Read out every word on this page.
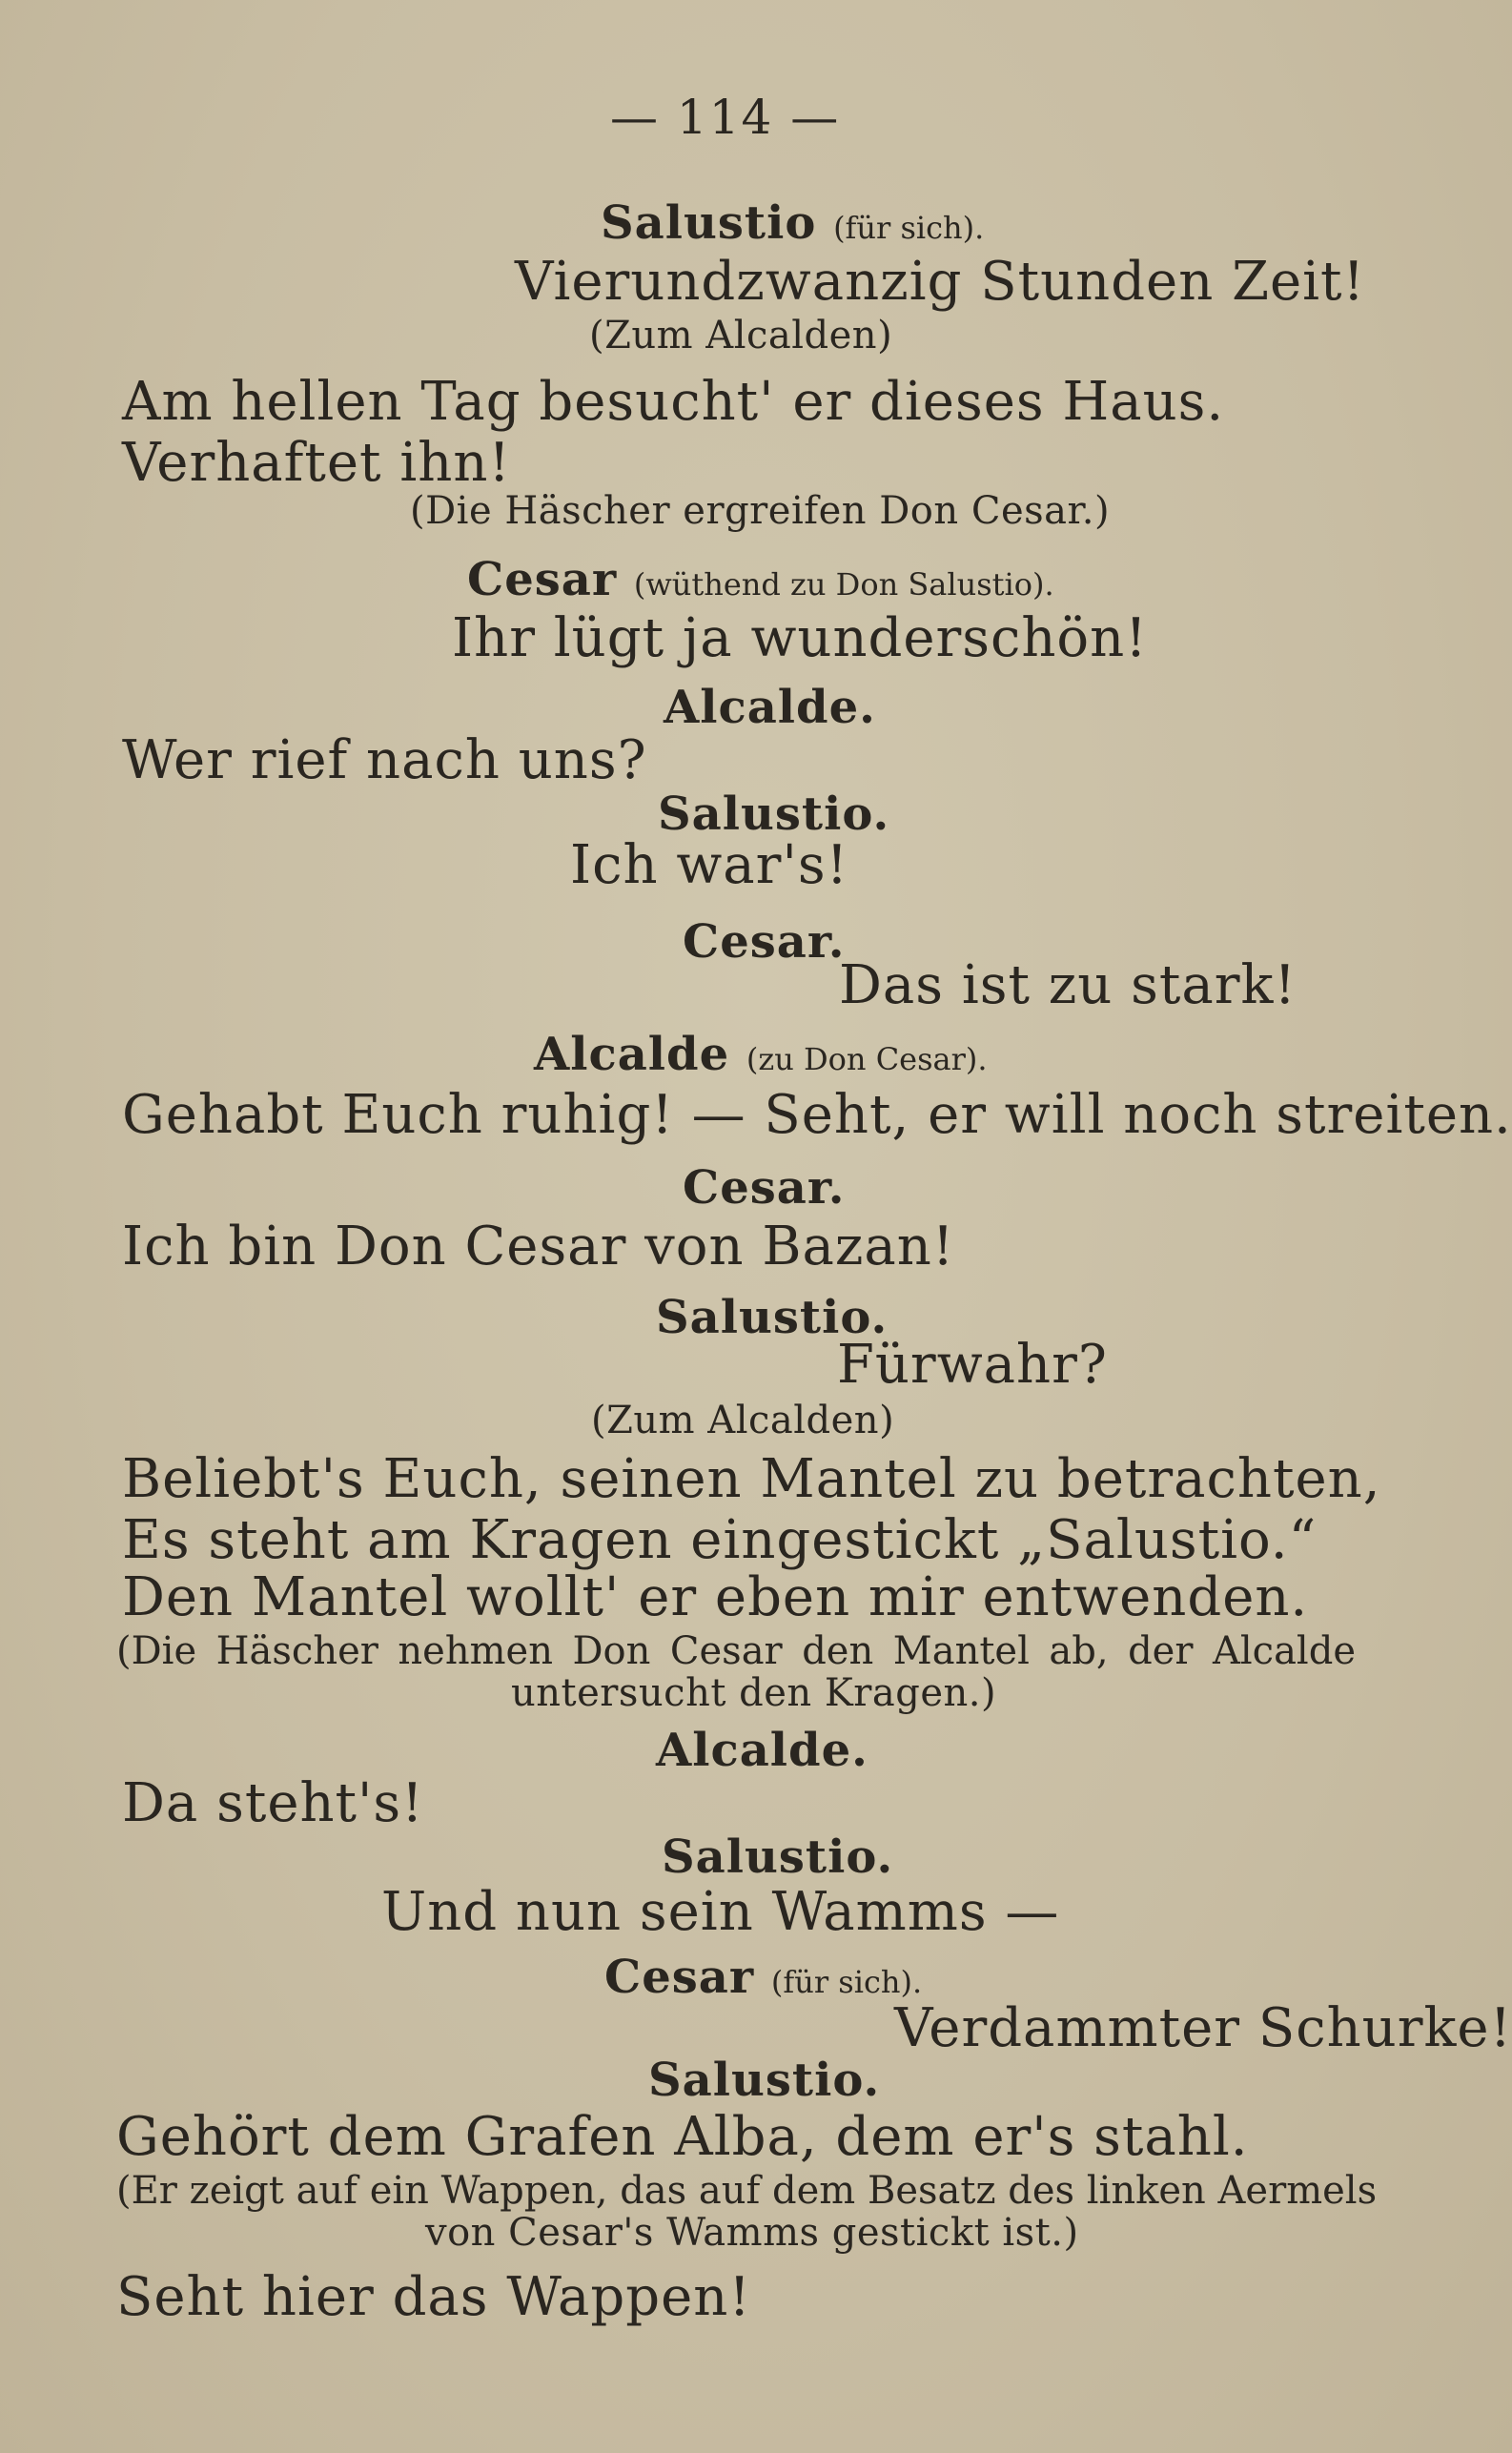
— 114 —
Salustio (für sich).
Vierundzwanzig Stunden Zeit!
(Zum Alcalden)
Am hellen Tag besucht' er dieses Haus.
Verhaftet ihn!
(Die Häscher ergreifen Don Cesar.)
Cesar (wüthend zu Don Salustio).
Ihr lügt ja wunderschön!
Alcalde.
Wer rief nach uns?
Salustio.
Ich war's!
Cesar.
Das ist zu stark!
Alcalde (zu Don Cesar).
Gehabt Euch ruhig! — Seht, er will noch streiten.
Cesar.
Ich bin Don Cesar von Bazan!
Salustio.
Fürwahr?
(Zum Alcalden)
Beliebt's Euch, seinen Mantel zu betrachten,
Es steht am Kragen eingestickt „Salustio.“
Den Mantel wollt' er eben mir entwenden.
(Die Häscher nehmen Don Cesar den Mantel ab, der Alcalde
untersucht den Kragen.)
Alcalde.
Da steht's!
Salustio.
Und nun sein Wamms —
Cesar (für sich).
Verdammter Schurke!
Salustio.
Gehört dem Grafen Alba, dem er's stahl.
(Er zeigt auf ein Wappen, das auf dem Besatz des linken Aermels
von Cesar's Wamms gestickt ist.)
Seht hier das Wappen!
